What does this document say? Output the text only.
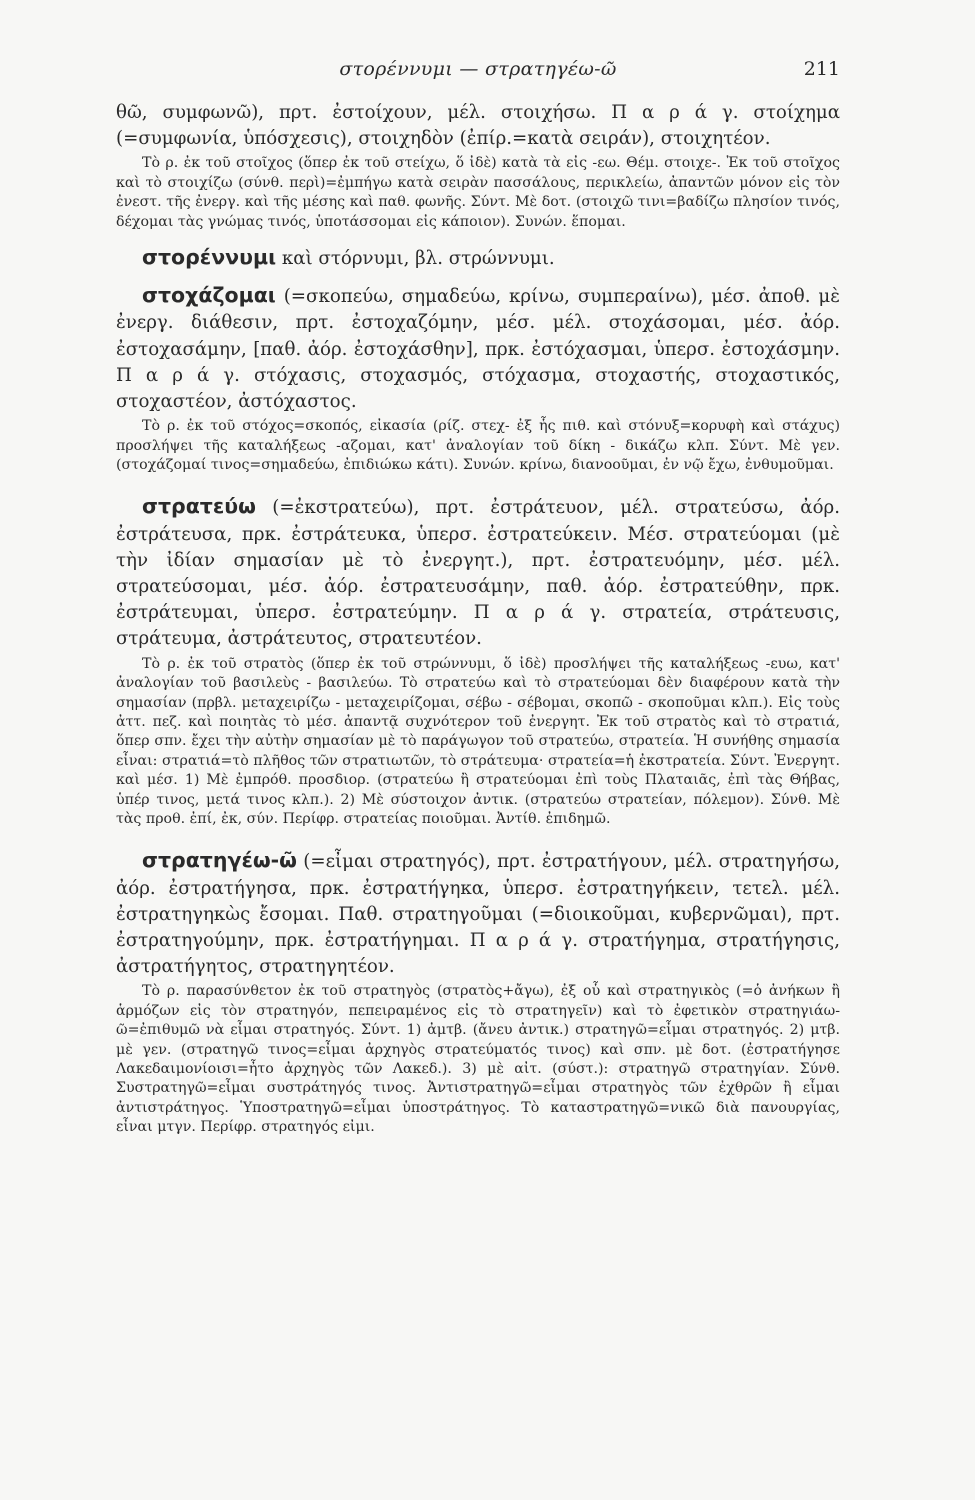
στορέννυμι — στρατηγέω-ῶ	211

θῶ, συμφωνῶ), πρτ. ἐστοίχουν, μέλ. στοιχήσω. Π α ρ ά γ. στοίχημα (=συμφωνία, ὑπόσχεσις), στοιχηδὸν (ἐπίρ.=κατὰ σειράν), στοιχητέον.

Τὸ ρ. ἐκ τοῦ στοῖχος (ὅπερ ἐκ τοῦ στείχω, ὅ ἰδὲ) κατὰ τὰ εἰς -εω. Θέμ. στοιχε-. Ἐκ τοῦ στοῖχος καὶ τὸ στοιχίζω (σύνθ. περὶ)=ἐμπήγω κατὰ σειρὰν πασσάλους, περικλείω, ἀπαντῶν μόνον εἰς τὸν ἐνεστ. τῆς ἐνεργ. καὶ τῆς μέσης καὶ παθ. φωνῆς. Σύντ. Μὲ δοτ. (στοιχῶ τινι=βαδίζω πλησίον τινός, δέχομαι τὰς γνώμας τινός, ὑποτάσσομαι εἰς κάποιον). Συνών. ἕπομαι.

στορέννυμι καὶ στόρνυμι, βλ. στρώννυμι.

στοχάζομαι (=σκοπεύω, σημαδεύω, κρίνω, συμπεραίνω), μέσ. ἀποθ. μὲ ἐνεργ. διάθεσιν, πρτ. ἐστοχαζόμην, μέσ. μέλ. στοχάσομαι, μέσ. ἀόρ. ἐστοχασάμην, [παθ. ἀόρ. ἐστοχάσθην], πρκ. ἐστόχασμαι, ὑπερσ. ἐστοχάσμην. Π α ρ ά γ. στόχασις, στοχασμός, στόχασμα, στοχαστής, στοχαστικός, στοχαστέον, ἀστόχαστος.

Τὸ ρ. ἐκ τοῦ στόχος=σκοπός, εἰκασία (ρίζ. στεχ- ἐξ ἧς πιθ. καὶ στόνυξ=κορυφὴ καὶ στάχυς) προσλήψει τῆς καταλήξεως -αζομαι, κατ' ἀναλογίαν τοῦ δίκη - δικάζω κλπ. Σύντ. Μὲ γεν. (στοχάζομαί τινος=σημαδεύω, ἐπιδιώκω κάτι). Συνών. κρίνω, διανοοῦμαι, ἐν νῷ ἔχω, ἐνθυμοῦμαι.

στρατεύω (=ἐκστρατεύω), πρτ. ἐστράτευον, μέλ. στρατεύσω, ἀόρ. ἐστράτευσα, πρκ. ἐστράτευκα, ὑπερσ. ἐστρατεύκειν. Μέσ. στρατεύομαι (μὲ τὴν ἰδίαν σημασίαν μὲ τὸ ἐνεργητ.), πρτ. ἐστρατευόμην, μέσ. μέλ. στρατεύσομαι, μέσ. ἀόρ. ἐστρατευσάμην, παθ. ἀόρ. ἐστρατεύθην, πρκ. ἐστράτευμαι, ὑπερσ. ἐστρατεύμην. Π α ρ ά γ. στρατεία, στράτευσις, στράτευμα, ἀστράτευτος, στρατευτέον.

Τὸ ρ. ἐκ τοῦ στρατὸς (ὅπερ ἐκ τοῦ στρώννυμι, ὅ ἰδὲ) προσλήψει τῆς καταλήξεως -ευω, κατ' ἀναλογίαν τοῦ βασιλεὺς - βασιλεύω. Τὸ στρατεύω καὶ τὸ στρατεύομαι δὲν διαφέρουν κατὰ τὴν σημασίαν (πρβλ. μεταχειρίζω - μεταχειρίζομαι, σέβω - σέβομαι, σκοπῶ - σκοποῦμαι κλπ.). Εἰς τοὺς ἀττ. πεζ. καὶ ποιητὰς τὸ μέσ. ἀπαντᾷ συχνότερον τοῦ ἐνεργητ. Ἐκ τοῦ στρατὸς καὶ τὸ στρατιά, ὅπερ σπν. ἔχει τὴν αὐτὴν σημασίαν μὲ τὸ παράγωγον τοῦ στρατεύω, στρατεία. Ἡ συνήθης σημασία εἶναι: στρατιά=τὸ πλῆθος τῶν στρατιωτῶν, τὸ στράτευμα· στρατεία=ἡ ἐκστρατεία. Σύντ. Ἐνεργητ. καὶ μέσ. 1) Μὲ ἐμπρόθ. προσδιορ. (στρατεύω ἢ στρατεύομαι ἐπὶ τοὺς Πλαταιᾶς, ἐπὶ τὰς Θήβας, ὑπέρ τινος, μετά τινος κλπ.). 2) Μὲ σύστοιχον ἀντικ. (στρατεύω στρατείαν, πόλεμον). Σύνθ. Μὲ τὰς προθ. ἐπί, ἐκ, σύν. Περίφρ. στρατείας ποιοῦμαι. Ἀντίθ. ἐπιδημῶ.

στρατηγέω-ῶ (=εἶμαι στρατηγός), πρτ. ἐστρατήγουν, μέλ. στρατηγήσω, ἀόρ. ἐστρατήγησα, πρκ. ἐστρατήγηκα, ὑπερσ. ἐστρατηγήκειν, τετελ. μέλ. ἐστρατηγηκὼς ἔσομαι. Παθ. στρατηγοῦμαι (=διοικοῦμαι, κυβερνῶμαι), πρτ. ἐστρατηγούμην, πρκ. ἐστρατήγημαι. Π α ρ ά γ. στρατήγημα, στρατήγησις, ἀστρατήγητος, στρατηγητέον.

Τὸ ρ. παρασύνθετον ἐκ τοῦ στρατηγὸς (στρατὸς+ἄγω), ἐξ οὗ καὶ στρατηγικὸς (=ὁ ἀνήκων ἢ ἁρμόζων εἰς τὸν στρατηγόν, πεπειραμένος εἰς τὸ στρατηγεῖν) καὶ τὸ ἐφετικὸν στρατηγιάω-ῶ=ἐπιθυμῶ νὰ εἶμαι στρατηγός. Σύντ. 1) ἀμτβ. (ἄνευ ἀντικ.) στρατηγῶ=εἶμαι στρατηγός. 2) μτβ. μὲ γεν. (στρατηγῶ τινος=εἶμαι ἀρχηγὸς στρατεύματός τινος) καὶ σπν. μὲ δοτ. (ἐστρατήγησε Λακεδαιμονίοισι=ἦτο ἀρχηγὸς τῶν Λακεδ.). 3) μὲ αἰτ. (σύστ.): στρατηγῶ στρατηγίαν. Σύνθ. Συστρατηγῶ=εἶμαι συστράτηγός τινος. Ἀντιστρατηγῶ=εἶμαι στρατηγὸς τῶν ἐχθρῶν ἢ εἶμαι ἀντιστράτηγος. Ὑποστρατηγῶ=εἶμαι ὑποστράτηγος. Τὸ καταστρατηγῶ=νικῶ διὰ πανουργίας, εἶναι μτγν. Περίφρ. στρατηγός εἰμι.
